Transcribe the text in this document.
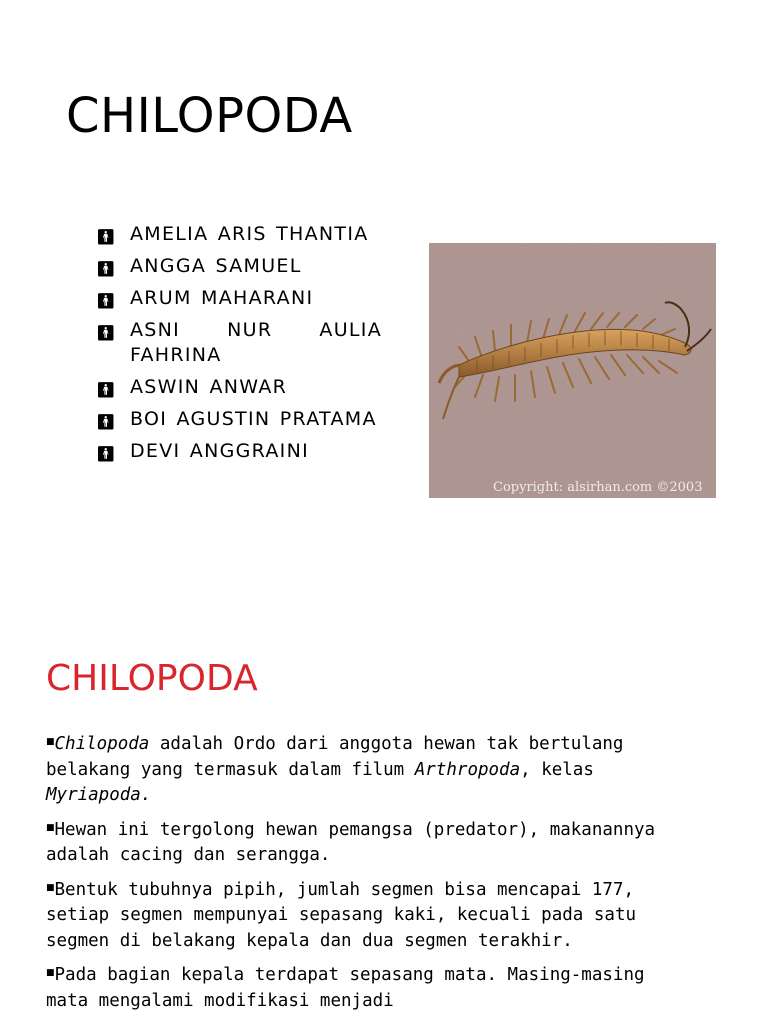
CHILOPODA
🚹︎ AMELIA ARIS THANTIA
🚹︎ ANGGA SAMUEL
🚹︎ ARUM MAHARANI
🚹︎ ASNI NUR AULIA FAHRINA
🚹︎ ASWIN ANWAR
🚹︎ BOI AGUSTIN PRATAMA
🚹︎ DEVI ANGGRAINI
Copyright: alsirhan.com ©2003
CHILOPODA

■Chilopoda adalah Ordo dari anggota hewan tak bertulang belakang yang termasuk dalam filum Arthropoda, kelas Myriapoda.

■Hewan ini tergolong hewan pemangsa (predator), makanannya adalah cacing dan serangga.

■Bentuk tubuhnya pipih, jumlah segmen bisa mencapai 177, setiap segmen mempunyai sepasang kaki, kecuali pada satu segmen di belakang kepala dan dua segmen terakhir.

■Pada bagian kepala terdapat sepasang mata. Masing-masing mata mengalami modifikasi menjadi
